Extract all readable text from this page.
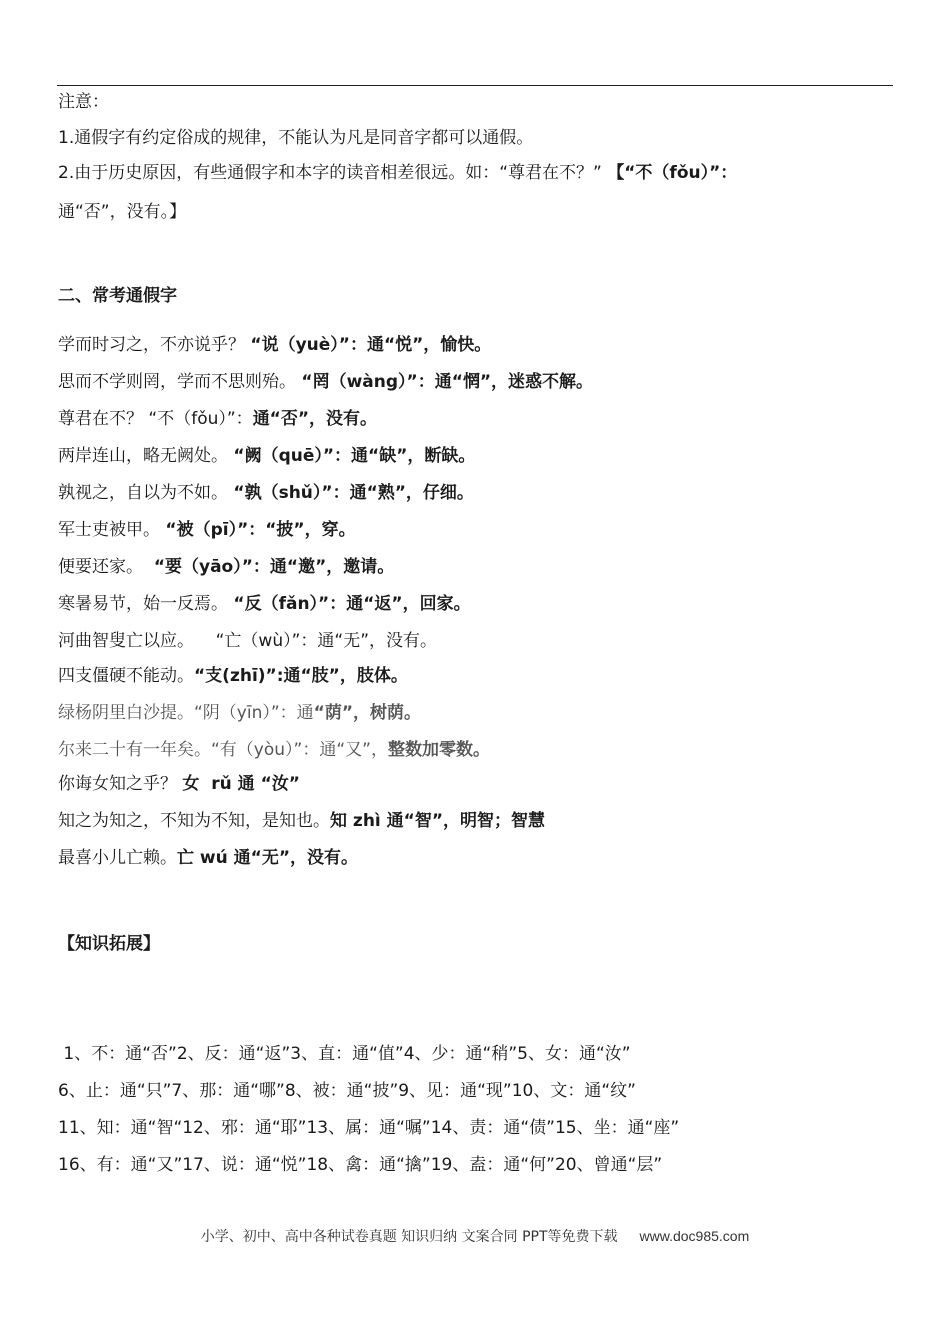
注意：
1.通假字有约定俗成的规律，不能认为凡是同音字都可以通假。
2.由于历史原因，有些通假字和本字的读音相差很远。如：“尊君在不？” 【“不（fǒu）”：
通“否”，没有。】
二、常考通假字
学而时习之，不亦说乎？ “说（yuè）”：通“悦”，愉快。
思而不学则罔，学而不思则殆。 “罔（wàng）”：通“惘”，迷惑不解。
尊君在不？ “不（fǒu）”：通“否”，没有。
两岸连山，略无阙处。 “阙（quē）”：通“缺”，断缺。
孰视之，自以为不如。 “孰（shǔ）”：通“熟”，仔细。
军士吏被甲。 “被（pī）”：“披”，穿。
便要还家。  “要（yāo）”：通“邀”，邀请。
寒暑易节，始一反焉。 “反（fǎn）”：通“返”，回家。
河曲智叟亡以应。    “亡（wù）”：通“无”，没有。
四支僵硬不能动。“支(zhī)”:通“肢”，肢体。
绿杨阴里白沙提。“阴（yīn）”：通“荫”，树荫。
尔来二十有一年矣。“有（yòu）”：通“又”，整数加零数。
你诲女知之乎？ 女  rǔ 通 “汝”
知之为知之，不知为不知，是知也。知 zhì 通“智”，明智；智慧
最喜小儿亡赖。亡 wú 通“无”，没有。
【知识拓展】
1、不：通“否”2、反：通“返”3、直：通“值”4、少：通“稍”5、女：通“汝”
6、止：通“只”7、那：通“哪”8、被：通“披”9、见：通“现”10、文：通“纹”
11、知：通“智“12、邪：通“耶”13、属：通“嘱”14、责：通“债”15、坐：通“座”
16、有：通“又”17、说：通“悦”18、禽：通“擒”19、盍：通“何”20、曾通“层”
小学、初中、高中各种试卷真题 知识归纳 文案合同 PPT等免费下载 www.doc985.com
